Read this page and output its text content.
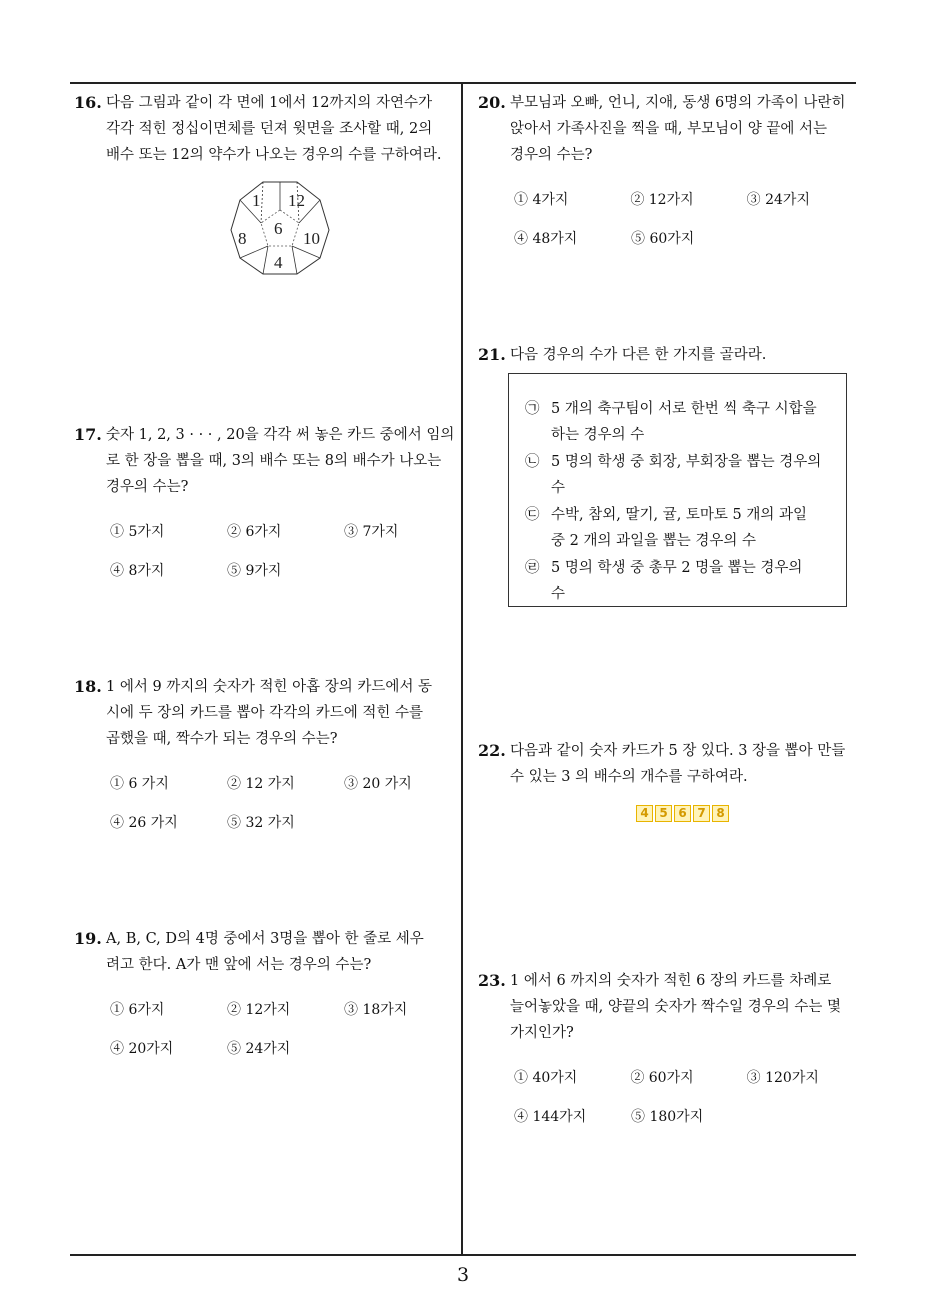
16. 다음 그림과 같이 각 면에 1에서 12까지의 자연수가
각각 적힌 정십이면체를 던져 윗면을 조사할 때, 2의
배수 또는 12의 약수가 나오는 경우의 수를 구하여라.
1 12
6
8	10
4
17. 숫자 1, 2, 3 · · · , 20을 각각 써 놓은 카드 중에서 임의
로 한 장을 뽑을 때, 3의 배수 또는 8의 배수가 나오는
경우의 수는?
① 5가지	② 6가지	③ 7가지
④ 8가지	⑤ 9가지
18. 1 에서 9 까지의 숫자가 적힌 아홉 장의 카드에서 동
시에 두 장의 카드를 뽑아 각각의 카드에 적힌 수를
곱했을 때, 짝수가 되는 경우의 수는?
① 6 가지	② 12 가지	③ 20 가지
④ 26 가지	⑤ 32 가지
19. A, B, C, D의 4명 중에서 3명을 뽑아 한 줄로 세우
려고 한다. A가 맨 앞에 서는 경우의 수는?
① 6가지	② 12가지	③ 18가지
④ 20가지	⑤ 24가지
20. 부모님과 오빠, 언니, 지애, 동생 6명의 가족이 나란히
앉아서 가족사진을 찍을 때, 부모님이 양 끝에 서는
경우의 수는?
① 4가지	② 12가지	③ 24가지
④ 48가지	⑤ 60가지
21. 다음 경우의 수가 다른 한 가지를 골라라.
㉠ 5 개의 축구팀이 서로 한번 씩 축구 시합을
하는 경우의 수
㉡ 5 명의 학생 중 회장, 부회장을 뽑는 경우의
수
㉢ 수박, 참외, 딸기, 귤, 토마토 5 개의 과일
중 2 개의 과일을 뽑는 경우의 수
㉣ 5 명의 학생 중 총무 2 명을 뽑는 경우의
수
22. 다음과 같이 숫자 카드가 5 장 있다. 3 장을 뽑아 만들
수 있는 3 의 배수의 개수를 구하여라.
4 5 6 7 8
23. 1 에서 6 까지의 숫자가 적힌 6 장의 카드를 차례로
늘어놓았을 때, 양끝의 숫자가 짝수일 경우의 수는 몇
가지인가?
① 40가지	② 60가지	③ 120가지
④ 144가지	⑤ 180가지
3
